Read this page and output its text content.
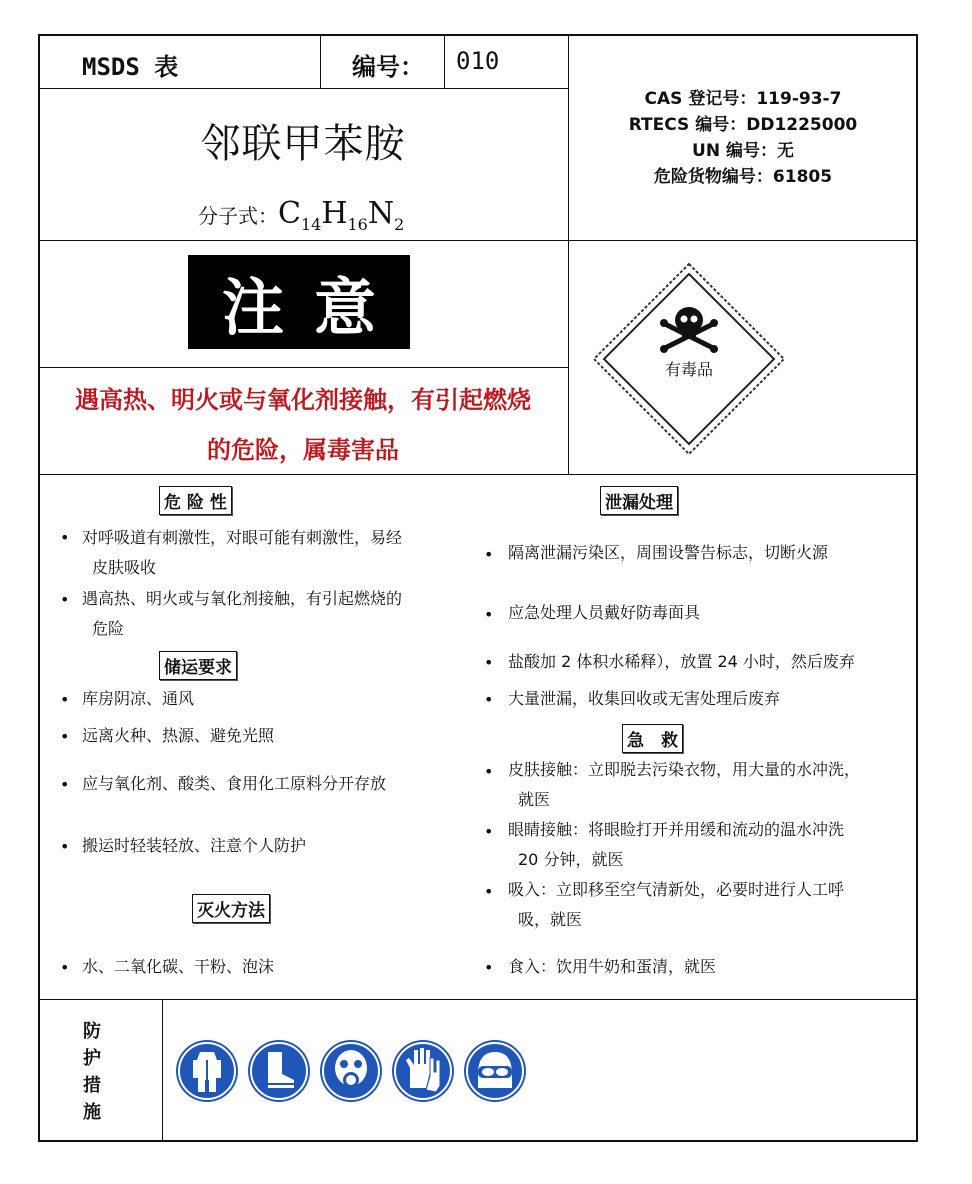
MSDS 表	编号： 010
邻联甲苯胺
分子式： $C_{14}H_{16}N_2$
CAS 登记号：119-93-7
RTECS 编号：DD1225000
UN 编号：无
危险货物编号：61805
注意
遇高热、明火或与氧化剂接触，有引起燃烧
的危险，属毒害品
有毒品
危 险 性
• 对呼吸道有刺激性，对眼可能有刺激性，易经
皮肤吸收
• 遇高热、明火或与氧化剂接触，有引起燃烧的
危险
储运要求
• 库房阴凉、通风
• 远离火种、热源、避免光照
• 应与氧化剂、酸类、食用化工原料分开存放
• 搬运时轻装轻放、注意个人防护
灭火方法
• 水、二氧化碳、干粉、泡沫
泄漏处理
• 隔离泄漏污染区，周围设警告标志，切断火源
• 应急处理人员戴好防毒面具
• 盐酸加 2 体积水稀释），放置 24 小时，然后废弃
• 大量泄漏，收集回收或无害处理后废弃
急　救
• 皮肤接触：立即脱去污染衣物，用大量的水冲洗，
就医
• 眼睛接触：将眼睑打开并用缓和流动的温水冲洗
20 分钟，就医
• 吸入：立即移至空气清新处，必要时进行人工呼
吸，就医
• 食入：饮用牛奶和蛋清，就医
防
护
措
施
